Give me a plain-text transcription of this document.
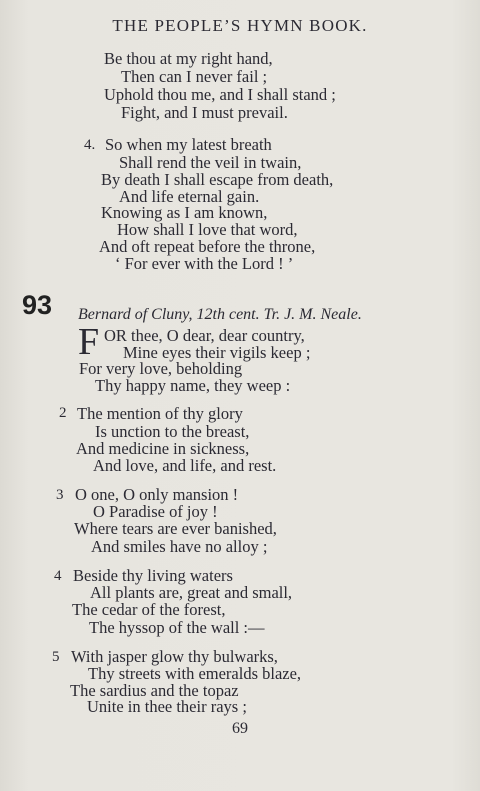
THE PEOPLE’S HYMN BOOK.
Be thou at my right hand,
Then can I never fail ;
Uphold thou me, and I shall stand ;
Fight, and I must prevail.
4. So when my latest breath
Shall rend the veil in twain,
By death I shall escape from death,
And life eternal gain.
Knowing as I am known,
How shall I love that word,
And oft repeat before the throne,
‘ For ever with the Lord ! ’
93 Bernard of Cluny, 12th cent. Tr. J. M. Neale.
F OR thee, O dear, dear country,
Mine eyes their vigils keep ;
For very love, beholding
Thy happy name, they weep :
2 The mention of thy glory
Is unction to the breast,
And medicine in sickness,
And love, and life, and rest.
3 O one, O only mansion !
O Paradise of joy !
Where tears are ever banished,
And smiles have no alloy ;
4 Beside thy living waters
All plants are, great and small,
The cedar of the forest,
The hyssop of the wall :—
5 With jasper glow thy bulwarks,
Thy streets with emeralds blaze,
The sardius and the topaz
Unite in thee their rays ;
69
